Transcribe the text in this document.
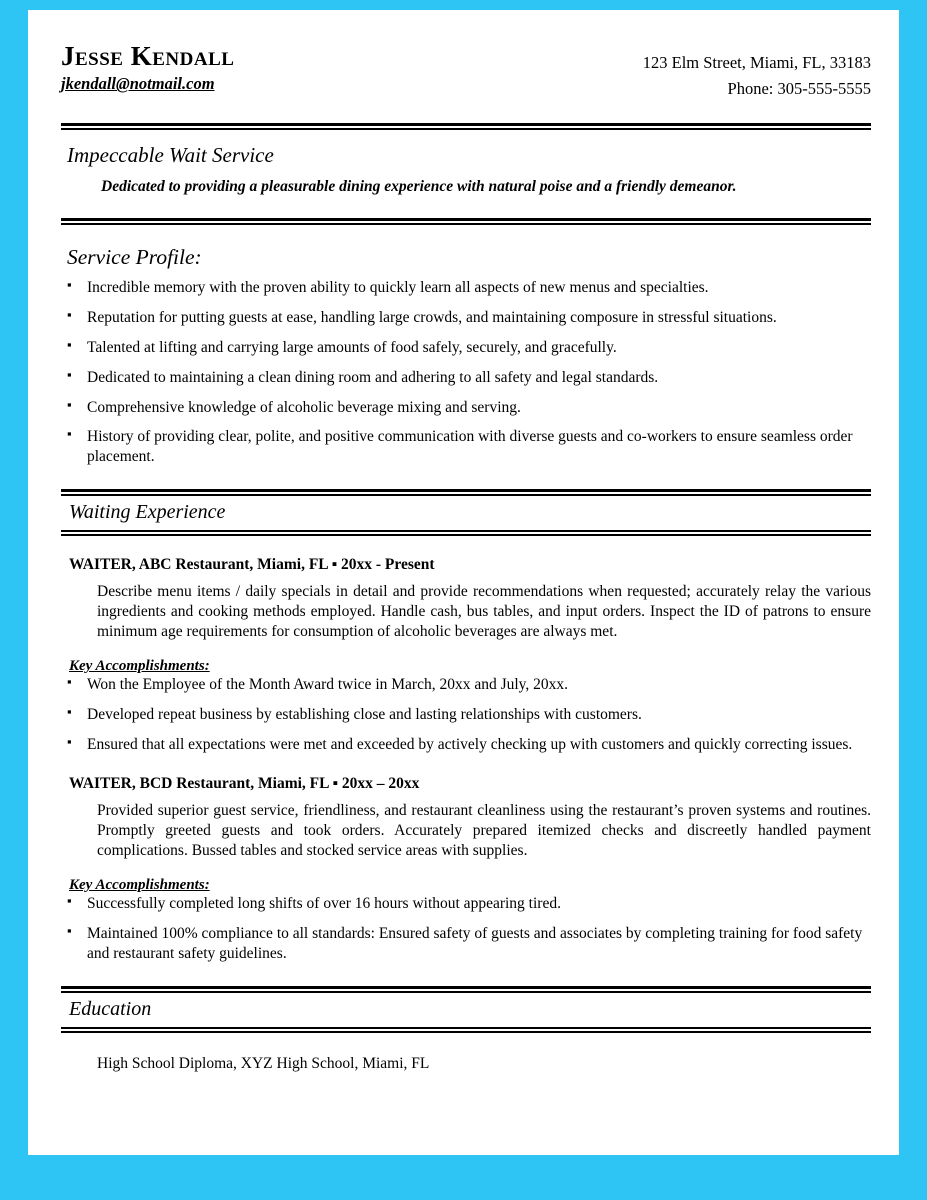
Jesse Kendall
jkendall@notmail.com
123 Elm Street, Miami, FL, 33183
Phone: 305-555-5555
Impeccable Wait Service
Dedicated to providing a pleasurable dining experience with natural poise and a friendly demeanor.
Service Profile:
▪ Incredible memory with the proven ability to quickly learn all aspects of new menus and specialties.
▪ Reputation for putting guests at ease, handling large crowds, and maintaining composure in stressful situations.
▪ Talented at lifting and carrying large amounts of food safely, securely, and gracefully.
▪ Dedicated to maintaining a clean dining room and adhering to all safety and legal standards.
▪ Comprehensive knowledge of alcoholic beverage mixing and serving.
▪ History of providing clear, polite, and positive communication with diverse guests and co-workers to ensure seamless order placement.
Waiting Experience
WAITER, ABC Restaurant, Miami, FL ▪ 20xx - Present
Describe menu items / daily specials in detail and provide recommendations when requested; accurately relay the various ingredients and cooking methods employed. Handle cash, bus tables, and input orders. Inspect the ID of patrons to ensure minimum age requirements for consumption of alcoholic beverages are always met.
Key Accomplishments:
▪ Won the Employee of the Month Award twice in March, 20xx and July, 20xx.
▪ Developed repeat business by establishing close and lasting relationships with customers.
▪ Ensured that all expectations were met and exceeded by actively checking up with customers and quickly correcting issues.
WAITER, BCD Restaurant, Miami, FL ▪ 20xx – 20xx
Provided superior guest service, friendliness, and restaurant cleanliness using the restaurant’s proven systems and routines. Promptly greeted guests and took orders. Accurately prepared itemized checks and discreetly handled payment complications. Bussed tables and stocked service areas with supplies.
Key Accomplishments:
▪ Successfully completed long shifts of over 16 hours without appearing tired.
▪ Maintained 100% compliance to all standards: Ensured safety of guests and associates by completing training for food safety and restaurant safety guidelines.
Education
High School Diploma, XYZ High School, Miami, FL
